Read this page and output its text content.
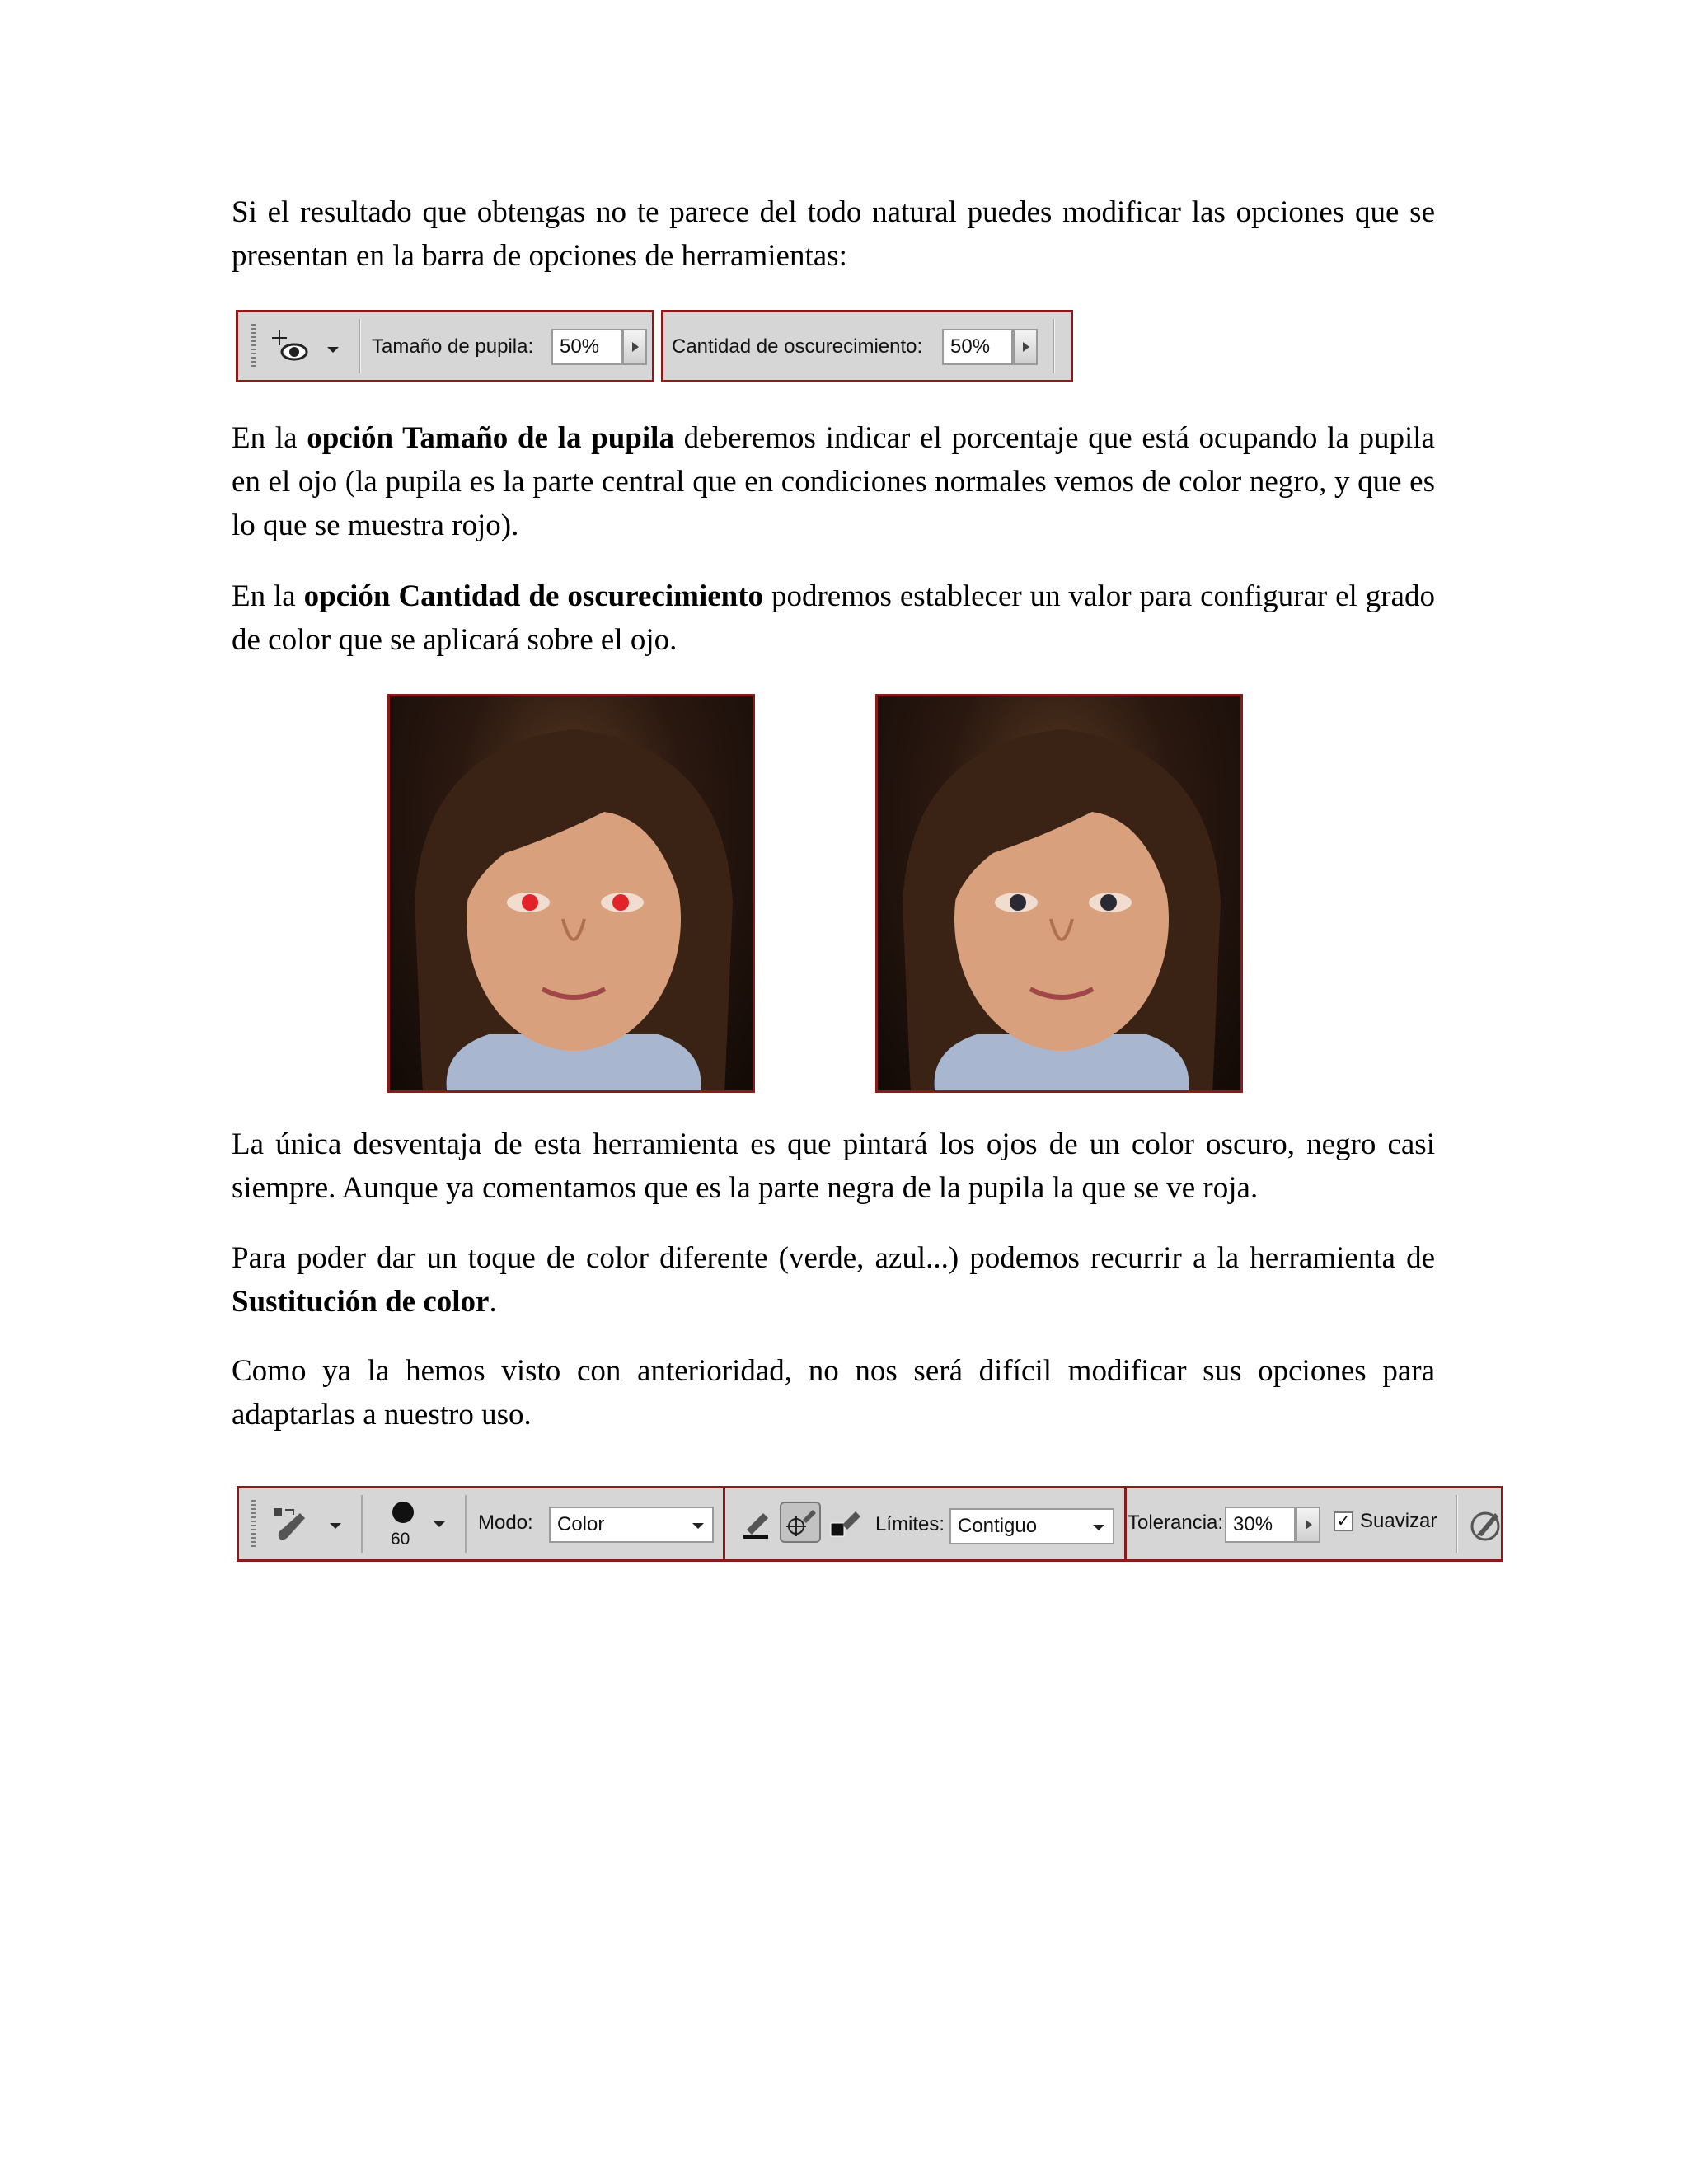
Si el resultado que obtengas no te parece del todo natural puedes modificar las opciones que se presentan en la barra de opciones de herramientas:

Tamaño de pupila:	50%	Cantidad de oscurecimiento:	50%

En la opción Tamaño de la pupila deberemos indicar el porcentaje que está ocupando la pupila en el ojo (la pupila es la parte central que en condiciones normales vemos de color negro, y que es lo que se muestra rojo).

En la opción Cantidad de oscurecimiento podremos establecer un valor para configurar el grado de color que se aplicará sobre el ojo.

La única desventaja de esta herramienta es que pintará los ojos de un color oscuro, negro casi siempre. Aunque ya comentamos que es la parte negra de la pupila la que se ve roja.

Para poder dar un toque de color diferente (verde, azul...) podemos recurrir a la herramienta de Sustitución de color.

Como ya la hemos visto con anterioridad, no nos será difícil modificar sus opciones para adaptarlas a nuestro uso.

60
Modo:	Color	Límites: Contiguo	Tolerancia: 30%	✓ Suavizar
